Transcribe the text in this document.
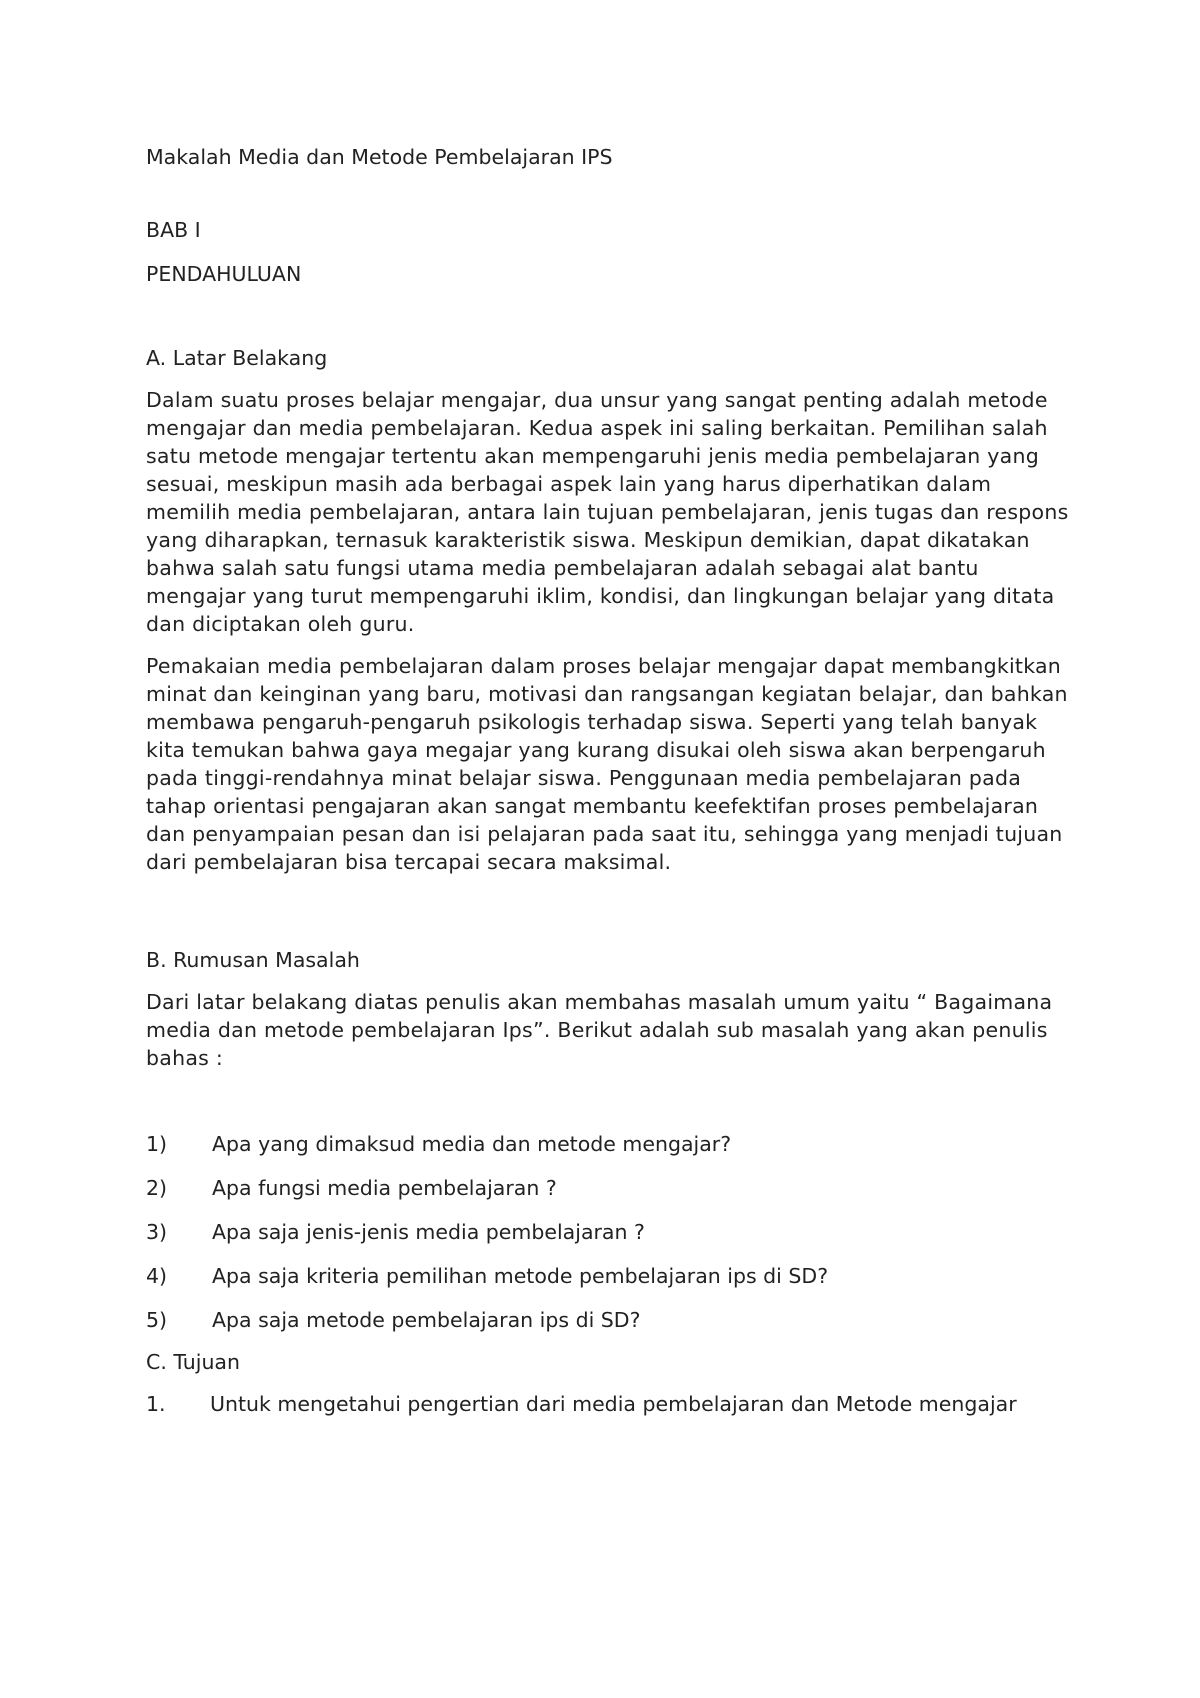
Makalah Media dan Metode Pembelajaran IPS

BAB I

PENDAHULUAN

A. Latar Belakang

Dalam suatu proses belajar mengajar, dua unsur yang sangat penting adalah metode mengajar dan media pembelajaran. Kedua aspek ini saling berkaitan. Pemilihan salah satu metode mengajar tertentu akan mempengaruhi jenis media pembelajaran yang sesuai, meskipun masih ada berbagai aspek lain yang harus diperhatikan dalam memilih media pembelajaran, antara lain tujuan pembelajaran, jenis tugas dan respons yang diharapkan, ternasuk karakteristik siswa. Meskipun demikian, dapat dikatakan bahwa salah satu fungsi utama media pembelajaran adalah sebagai alat bantu mengajar yang turut mempengaruhi iklim, kondisi, dan lingkungan belajar yang ditata dan diciptakan oleh guru.

Pemakaian media pembelajaran dalam proses belajar mengajar dapat membangkitkan minat dan keinginan yang baru, motivasi dan rangsangan kegiatan belajar, dan bahkan membawa pengaruh-pengaruh psikologis terhadap siswa. Seperti yang telah banyak kita temukan bahwa gaya megajar yang kurang disukai oleh siswa akan berpengaruh pada tinggi-rendahnya minat belajar siswa. Penggunaan media pembelajaran pada tahap orientasi pengajaran akan sangat membantu keefektifan proses pembelajaran dan penyampaian pesan dan isi pelajaran pada saat itu, sehingga yang menjadi tujuan dari pembelajaran bisa tercapai secara maksimal.

B. Rumusan Masalah

Dari latar belakang diatas penulis akan membahas masalah umum yaitu “ Bagaimana media dan metode pembelajaran Ips”. Berikut adalah sub masalah yang akan penulis bahas :

1)	Apa yang dimaksud media dan metode mengajar?
2)	Apa fungsi media pembelajaran ?
3)	Apa saja jenis-jenis media pembelajaran ?
4)	Apa saja kriteria pemilihan metode pembelajaran ips di SD?
5)	Apa saja metode pembelajaran ips di SD?

C. Tujuan

1. Untuk mengetahui pengertian dari media pembelajaran dan Metode mengajar
